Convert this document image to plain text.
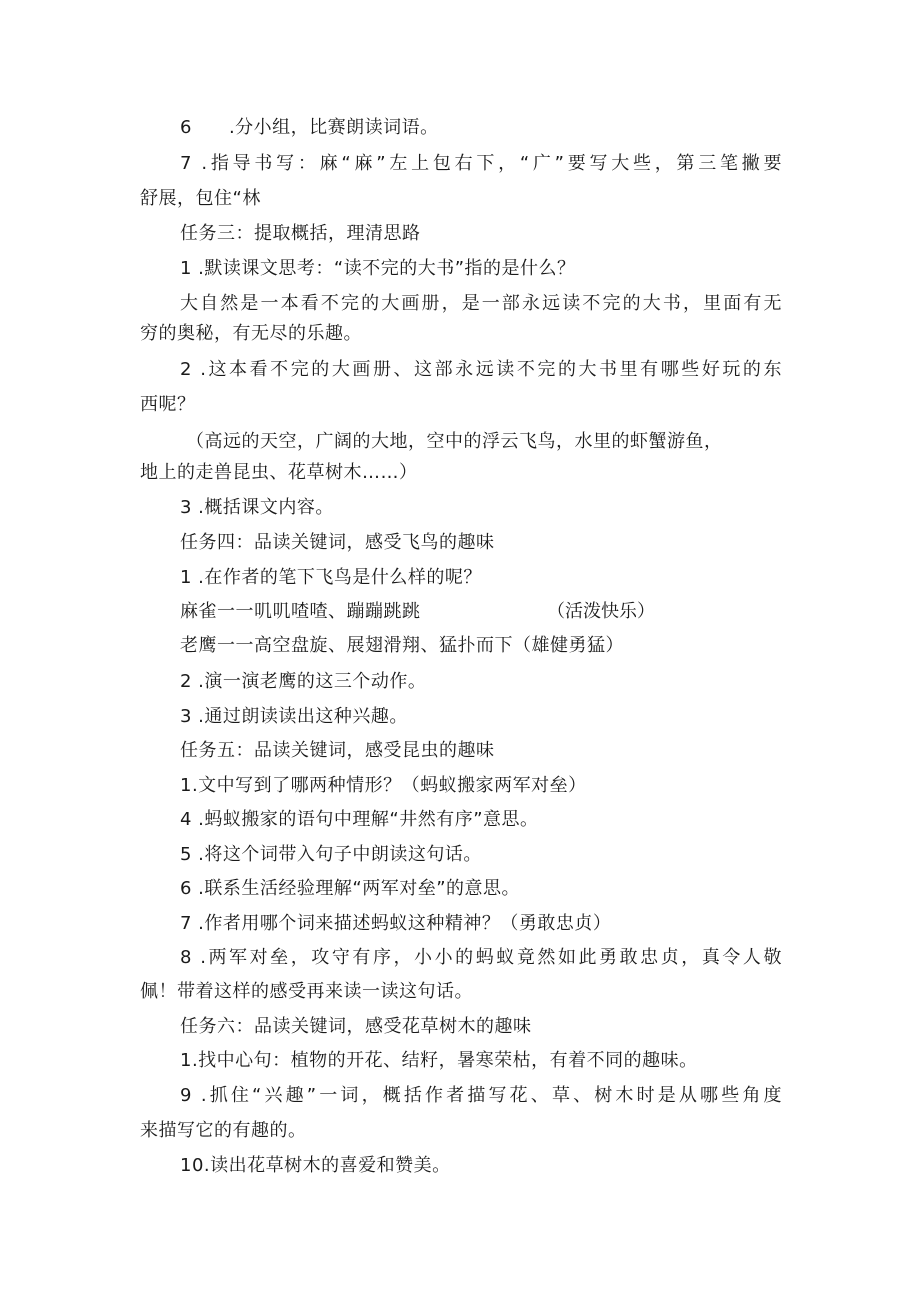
6　　.分小组，比赛朗读词语。
7 .指导书写：麻“麻”左上包右下，“广”要写大些，第三笔撇要
舒展，包住“林
任务三：提取概括，理清思路
1 .默读课文思考：“读不完的大书”指的是什么？
大自然是一本看不完的大画册，是一部永远读不完的大书，里面有无
穷的奥秘，有无尽的乐趣。
2 .这本看不完的大画册、这部永远读不完的大书里有哪些好玩的东
西呢？
（高远的天空，广阔的大地，空中的浮云飞鸟，水里的虾蟹游鱼，
地上的走兽昆虫、花草树木……）
3 .概括课文内容。
任务四：品读关键词，感受飞鸟的趣味
1 .在作者的笔下飞鸟是什么样的呢？
麻雀一一叽叽喳喳、蹦蹦跳跳	（活泼快乐）
老鹰一一高空盘旋、展翅滑翔、猛扑而下（雄健勇猛）
2 .演一演老鹰的这三个动作。
3 .通过朗读读出这种兴趣。
任务五：品读关键词，感受昆虫的趣味
1.文中写到了哪两种情形？（蚂蚁搬家两军对垒）
4 .蚂蚁搬家的语句中理解“井然有序”意思。
5 .将这个词带入句子中朗读这句话。
6 .联系生活经验理解“两军对垒”的意思。
7 .作者用哪个词来描述蚂蚁这种精神？（勇敢忠贞）
8 .两军对垒，攻守有序，小小的蚂蚁竟然如此勇敢忠贞，真令人敬
佩！带着这样的感受再来读一读这句话。
任务六：品读关键词，感受花草树木的趣味
1.找中心句：植物的开花、结籽，暑寒荣枯，有着不同的趣味。
9 .抓住“兴趣”一词，概括作者描写花、草、树木时是从哪些角度
来描写它的有趣的。
10.读出花草树木的喜爱和赞美。
